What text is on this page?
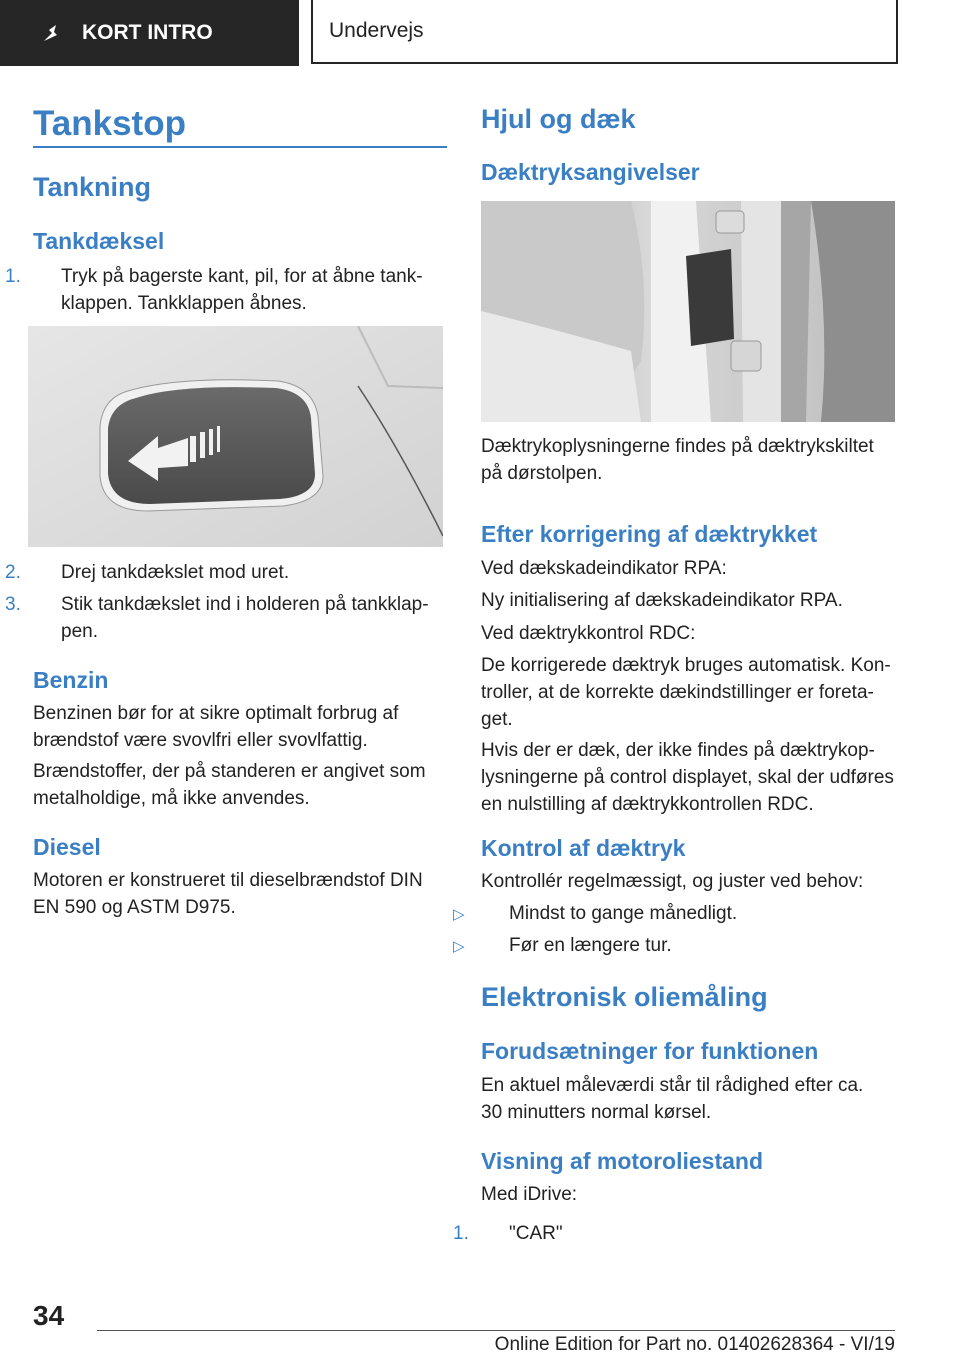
KORT INTRO	Undervejs
Tankstop
Tankning
Tankdæksel
1. Tryk på bagerste kant, pil, for at åbne tank‐klappen. Tankklappen åbnes.
2. Drej tankdækslet mod uret.
3. Stik tankdækslet ind i holderen på tankklap‐pen.
Benzin
Benzinen bør for at sikre optimalt forbrug af brændstof være svovlfri eller svovlfattig.
Brændstoffer, der på standeren er angivet som metalholdige, må ikke anvendes.
Diesel
Motoren er konstrueret til dieselbrændstof DIN EN 590 og ASTM D975.
Hjul og dæk
Dæktryksangivelser
Dæktrykoplysningerne findes på dæktrykskiltet på dørstolpen.
Efter korrigering af dæktrykket
Ved dækskadeindikator RPA:
Ny initialisering af dækskadeindikator RPA.
Ved dæktrykkontrol RDC:
De korrigerede dæktryk bruges automatisk. Kon‐troller, at de korrekte dækindstillinger er foreta‐get.
Hvis der er dæk, der ikke findes på dæktrykop‐lysningerne på control displayet, skal der udføres en nulstilling af dæktrykkontrollen RDC.
Kontrol af dæktryk
Kontrollér regelmæssigt, og juster ved behov:
▷ Mindst to gange månedligt.
▷ Før en længere tur.
Elektronisk oliemåling
Forudsætninger for funktionen
En aktuel måleværdi står til rådighed efter ca. 30 minutters normal kørsel.
Visning af motoroliestand
Med iDrive:
1. "CAR"
34
Online Edition for Part no. 01402628364 - VI/19
